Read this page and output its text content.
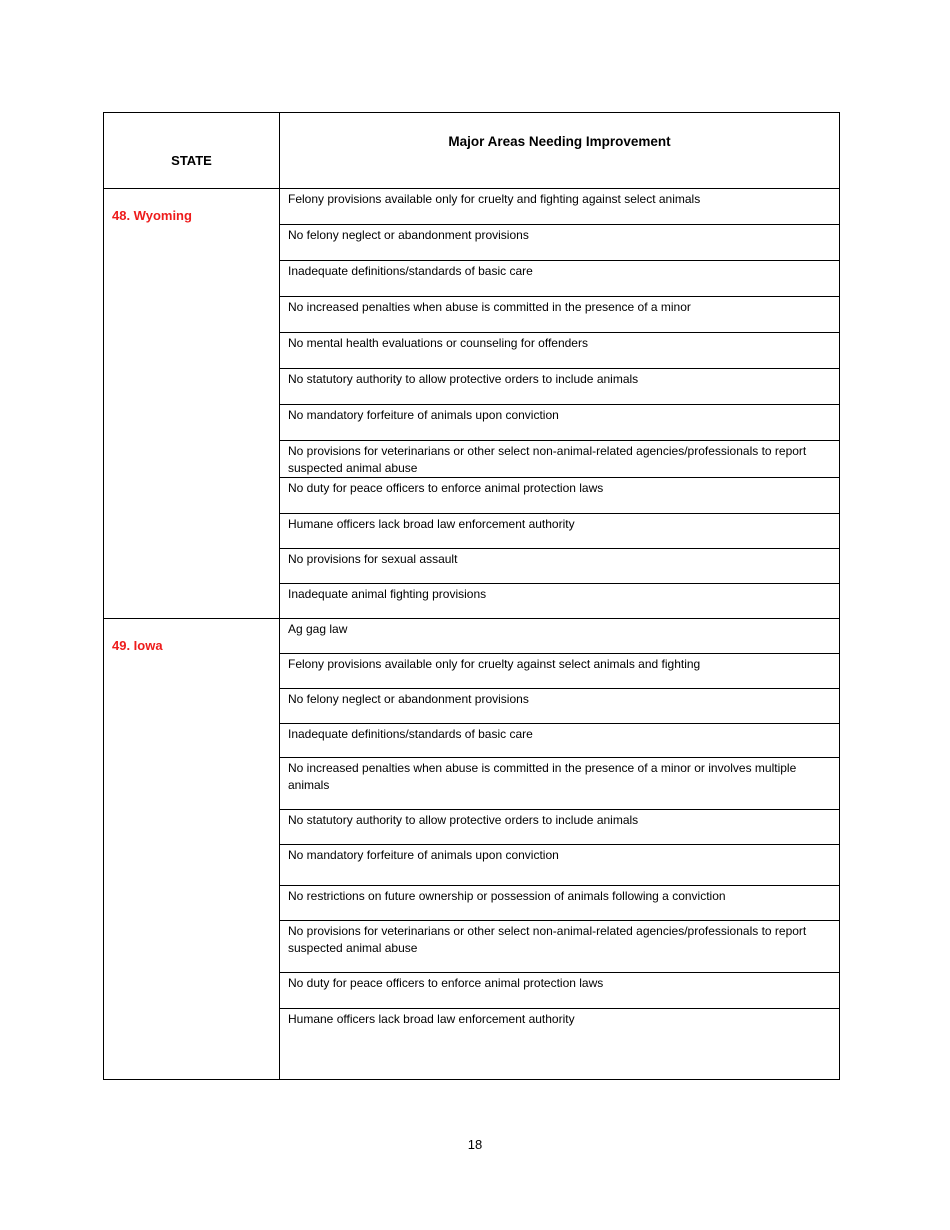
STATE	Major Areas Needing Improvement

48. Wyoming	Felony provisions available only for cruelty and fighting against select animals
	No felony neglect or abandonment provisions
	Inadequate definitions/standards of basic care
	No increased penalties when abuse is committed in the presence of a minor
	No mental health evaluations or counseling for offenders
	No statutory authority to allow protective orders to include animals
	No mandatory forfeiture of animals upon conviction
	No provisions for veterinarians or other select non-animal-related agencies/professionals to report suspected animal abuse
	No duty for peace officers to enforce animal protection laws
	Humane officers lack broad law enforcement authority
	No provisions for sexual assault
	Inadequate animal fighting provisions
49. Iowa	Ag gag law
	Felony provisions available only for cruelty against select animals and fighting
	No felony neglect or abandonment provisions
	Inadequate definitions/standards of basic care
	No increased penalties when abuse is committed in the presence of a minor or involves multiple animals
	No statutory authority to allow protective orders to include animals
	No mandatory forfeiture of animals upon conviction
	No restrictions on future ownership or possession of animals following a conviction
	No provisions for veterinarians or other select non-animal-related agencies/professionals to report suspected animal abuse
	No duty for peace officers to enforce animal protection laws
	Humane officers lack broad law enforcement authority
18
